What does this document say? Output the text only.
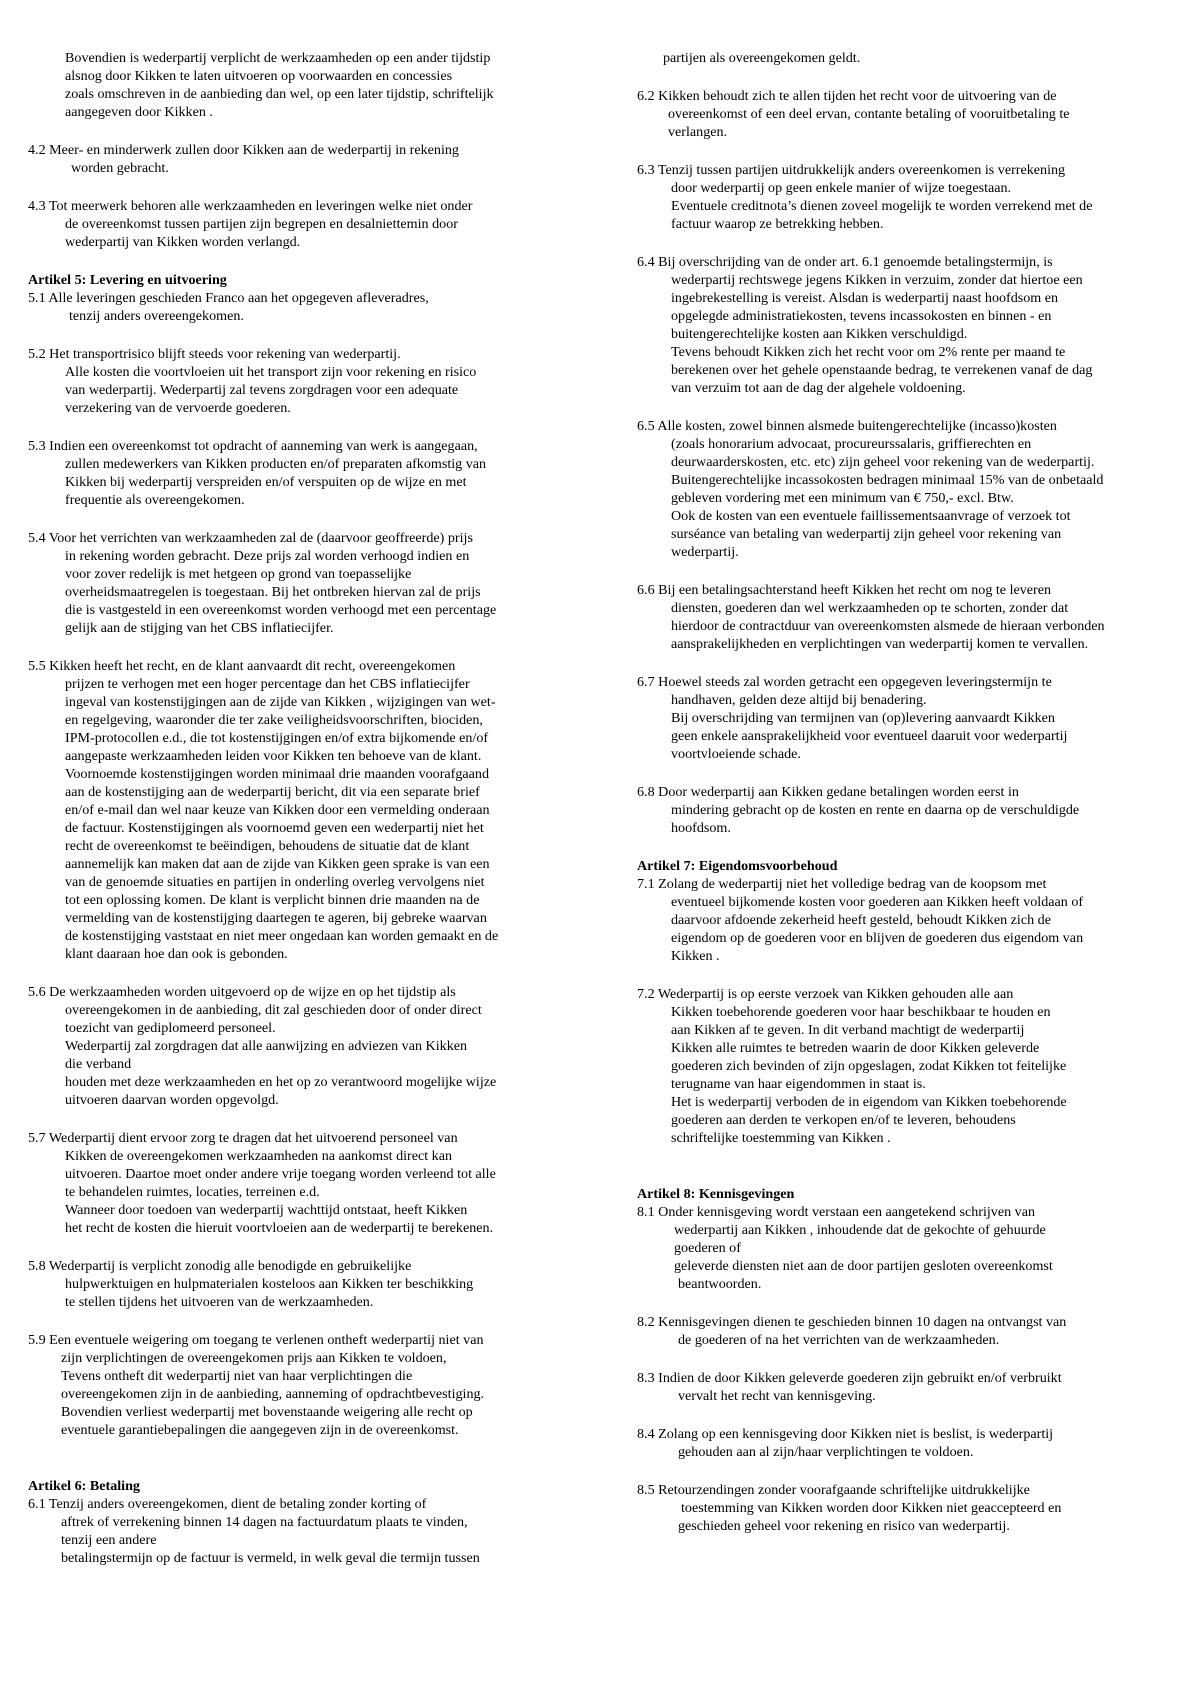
Bovendien is wederpartij verplicht de werkzaamheden op een ander tijdstip
alsnog door Kikken te laten uitvoeren op voorwaarden en concessies
zoals omschreven in de aanbieding dan wel, op een later tijdstip, schriftelijk
aangegeven door Kikken .
4.2 Meer- en minderwerk zullen door Kikken aan de wederpartij in rekening
worden gebracht.
4.3 Tot meerwerk behoren alle werkzaamheden en leveringen welke niet onder
de overeenkomst tussen partijen zijn begrepen en desalniettemin door
wederpartij van Kikken worden verlangd.
Artikel 5: Levering en uitvoering
5.1 Alle leveringen geschieden Franco aan het opgegeven afleveradres,
tenzij anders overeengekomen.
5.2 Het transportrisico blijft steeds voor rekening van wederpartij.
Alle kosten die voortvloeien uit het transport zijn voor rekening en risico
van wederpartij. Wederpartij zal tevens zorgdragen voor een adequate
verzekering van de vervoerde goederen.
5.3 Indien een overeenkomst tot opdracht of aanneming van werk is aangegaan,
zullen medewerkers van Kikken producten en/of preparaten afkomstig van
Kikken bij wederpartij verspreiden en/of verspuiten op de wijze en met
frequentie als overeengekomen.
5.4 Voor het verrichten van werkzaamheden zal de (daarvoor geoffreerde) prijs
in rekening worden gebracht. Deze prijs zal worden verhoogd indien en
voor zover redelijk is met hetgeen op grond van toepasselijke
overheidsmaatregelen is toegestaan. Bij het ontbreken hiervan zal de prijs
die is vastgesteld in een overeenkomst worden verhoogd met een percentage
gelijk aan de stijging van het CBS inflatiecijfer.
5.5 Kikken heeft het recht, en de klant aanvaardt dit recht, overeengekomen
prijzen te verhogen met een hoger percentage dan het CBS inflatiecijfer
ingeval van kostenstijgingen aan de zijde van Kikken , wijzigingen van wet-
en regelgeving, waaronder die ter zake veiligheidsvoorschriften, biociden,
IPM-protocollen e.d., die tot kostenstijgingen en/of extra bijkomende en/of
aangepaste werkzaamheden leiden voor Kikken ten behoeve van de klant.
Voornoemde kostenstijgingen worden minimaal drie maanden voorafgaand
aan de kostenstijging aan de wederpartij bericht, dit via een separate brief
en/of e-mail dan wel naar keuze van Kikken door een vermelding onderaan
de factuur. Kostenstijgingen als voornoemd geven een wederpartij niet het
recht de overeenkomst te beëindigen, behoudens de situatie dat de klant
aannemelijk kan maken dat aan de zijde van Kikken geen sprake is van een
van de genoemde situaties en partijen in onderling overleg vervolgens niet
tot een oplossing komen. De klant is verplicht binnen drie maanden na de
vermelding van de kostenstijging daartegen te ageren, bij gebreke waarvan
de kostenstijging vaststaat en niet meer ongedaan kan worden gemaakt en de
klant daaraan hoe dan ook is gebonden.
5.6 De werkzaamheden worden uitgevoerd op de wijze en op het tijdstip als
overeengekomen in de aanbieding, dit zal geschieden door of onder direct
toezicht van gediplomeerd personeel.
Wederpartij zal zorgdragen dat alle aanwijzing en adviezen van Kikken
die verband
houden met deze werkzaamheden en het op zo verantwoord mogelijke wijze
uitvoeren daarvan worden opgevolgd.
5.7 Wederpartij dient ervoor zorg te dragen dat het uitvoerend personeel van
Kikken de overeengekomen werkzaamheden na aankomst direct kan
uitvoeren. Daartoe moet onder andere vrije toegang worden verleend tot alle
te behandelen ruimtes, locaties, terreinen e.d.
Wanneer door toedoen van wederpartij wachttijd ontstaat, heeft Kikken
het recht de kosten die hieruit voortvloeien aan de wederpartij te berekenen.
5.8 Wederpartij is verplicht zonodig alle benodigde en gebruikelijke
hulpwerktuigen en hulpmaterialen kosteloos aan Kikken ter beschikking
te stellen tijdens het uitvoeren van de werkzaamheden.
5.9 Een eventuele weigering om toegang te verlenen ontheft wederpartij niet van
zijn verplichtingen de overeengekomen prijs aan Kikken te voldoen,
Tevens ontheft dit wederpartij niet van haar verplichtingen die
overeengekomen zijn in de aanbieding, aanneming of opdrachtbevestiging.
Bovendien verliest wederpartij met bovenstaande weigering alle recht op
eventuele garantiebepalingen die aangegeven zijn in de overeenkomst.
Artikel 6: Betaling
6.1 Tenzij anders overeengekomen, dient de betaling zonder korting of
aftrek of verrekening binnen 14 dagen na factuurdatum plaats te vinden,
tenzij een andere
betalingstermijn op de factuur is vermeld, in welk geval die termijn tussen
partijen als overeengekomen geldt.
6.2 Kikken behoudt zich te allen tijden het recht voor de uitvoering van de
overeenkomst of een deel ervan, contante betaling of vooruitbetaling te
verlangen.
6.3 Tenzij tussen partijen uitdrukkelijk anders overeenkomen is verrekening
door wederpartij op geen enkele manier of wijze toegestaan.
Eventuele creditnota’s dienen zoveel mogelijk te worden verrekend met de
factuur waarop ze betrekking hebben.
6.4 Bij overschrijding van de onder art. 6.1 genoemde betalingstermijn, is
wederpartij rechtswege jegens Kikken in verzuim, zonder dat hiertoe een
ingebrekestelling is vereist. Alsdan is wederpartij naast hoofdsom en
opgelegde administratiekosten, tevens incassokosten en binnen - en
buitengerechtelijke kosten aan Kikken verschuldigd.
Tevens behoudt Kikken zich het recht voor om 2% rente per maand te
berekenen over het gehele openstaande bedrag, te verrekenen vanaf de dag
van verzuim tot aan de dag der algehele voldoening.
6.5 Alle kosten, zowel binnen alsmede buitengerechtelijke (incasso)kosten
(zoals honorarium advocaat, procureurssalaris, griffierechten en
deurwaarderskosten, etc. etc) zijn geheel voor rekening van de wederpartij.
Buitengerechtelijke incassokosten bedragen minimaal 15% van de onbetaald
gebleven vordering met een minimum van € 750,- excl. Btw.
Ook de kosten van een eventuele faillissementsaanvrage of verzoek tot
surséance van betaling van wederpartij zijn geheel voor rekening van
wederpartij.
6.6 Bij een betalingsachterstand heeft Kikken het recht om nog te leveren
diensten, goederen dan wel werkzaamheden op te schorten, zonder dat
hierdoor de contractduur van overeenkomsten alsmede de hieraan verbonden
aansprakelijkheden en verplichtingen van wederpartij komen te vervallen.
6.7 Hoewel steeds zal worden getracht een opgegeven leveringstermijn te
handhaven, gelden deze altijd bij benadering.
Bij overschrijding van termijnen van (op)levering aanvaardt Kikken
geen enkele aansprakelijkheid voor eventueel daaruit voor wederpartij
voortvloeiende schade.
6.8 Door wederpartij aan Kikken gedane betalingen worden eerst in
mindering gebracht op de kosten en rente en daarna op de verschuldigde
hoofdsom.
Artikel 7: Eigendomsvoorbehoud
7.1 Zolang de wederpartij niet het volledige bedrag van de koopsom met
eventueel bijkomende kosten voor goederen aan Kikken heeft voldaan of
daarvoor afdoende zekerheid heeft gesteld, behoudt Kikken zich de
eigendom op de goederen voor en blijven de goederen dus eigendom van
Kikken .
7.2 Wederpartij is op eerste verzoek van Kikken gehouden alle aan
Kikken toebehorende goederen voor haar beschikbaar te houden en
aan Kikken af te geven. In dit verband machtigt de wederpartij
Kikken alle ruimtes te betreden waarin de door Kikken geleverde
goederen zich bevinden of zijn opgeslagen, zodat Kikken tot feitelijke
terugname van haar eigendommen in staat is.
Het is wederpartij verboden de in eigendom van Kikken toebehorende
goederen aan derden te verkopen en/of te leveren, behoudens
schriftelijke toestemming van Kikken .
Artikel 8: Kennisgevingen
8.1 Onder kennisgeving wordt verstaan een aangetekend schrijven van
wederpartij aan Kikken , inhoudende dat de gekochte of gehuurde
goederen of
geleverde diensten niet aan de door partijen gesloten overeenkomst
beantwoorden.
8.2 Kennisgevingen dienen te geschieden binnen 10 dagen na ontvangst van
de goederen of na het verrichten van de werkzaamheden.
8.3 Indien de door Kikken geleverde goederen zijn gebruikt en/of verbruikt
vervalt het recht van kennisgeving.
8.4 Zolang op een kennisgeving door Kikken niet is beslist, is wederpartij
gehouden aan al zijn/haar verplichtingen te voldoen.
8.5 Retourzendingen zonder voorafgaande schriftelijke uitdrukkelijke
toestemming van Kikken worden door Kikken niet geaccepteerd en
geschieden geheel voor rekening en risico van wederpartij.
